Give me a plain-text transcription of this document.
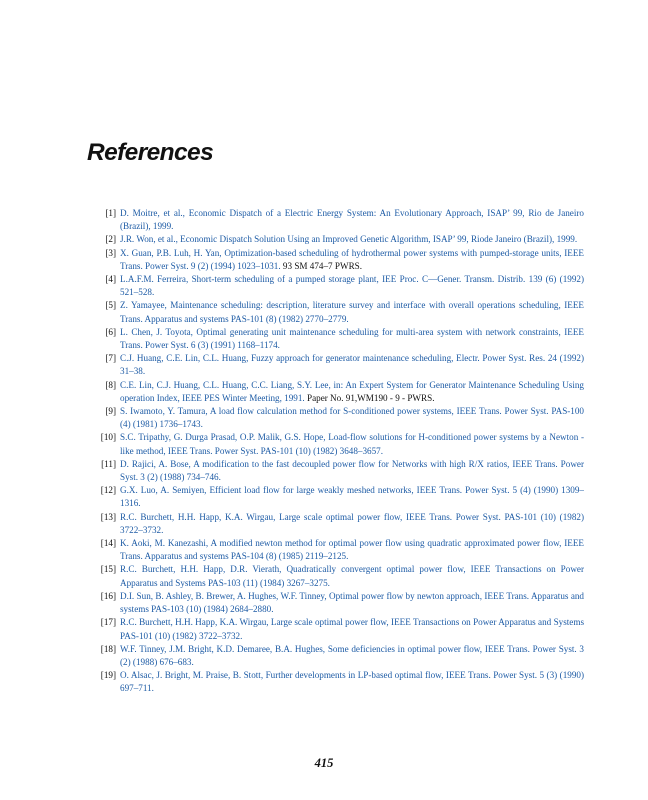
References
[1] D. Moitre, et al., Economic Dispatch of a Electric Energy System: An Evolutionary Approach, ISAP’ 99, Rio de Janeiro (Brazil), 1999.
[2] J.R. Won, et al., Economic Dispatch Solution Using an Improved Genetic Algorithm, ISAP’ 99, Riode Janeiro (Brazil), 1999.
[3] X. Guan, P.B. Luh, H. Yan, Optimization-based scheduling of hydrothermal power systems with pumped-storage units, IEEE Trans. Power Syst. 9 (2) (1994) 1023–1031. 93 SM 474–7 PWRS.
[4] L.A.F.M. Ferreira, Short-term scheduling of a pumped storage plant, IEE Proc. C—Gener. Transm. Distrib. 139 (6) (1992) 521–528.
[5] Z. Yamayee, Maintenance scheduling: description, literature survey and interface with overall operations scheduling, IEEE Trans. Apparatus and systems PAS-101 (8) (1982) 2770–2779.
[6] L. Chen, J. Toyota, Optimal generating unit maintenance scheduling for multi-area system with network constraints, IEEE Trans. Power Syst. 6 (3) (1991) 1168–1174.
[7] C.J. Huang, C.E. Lin, C.L. Huang, Fuzzy approach for generator maintenance scheduling, Electr. Power Syst. Res. 24 (1992) 31–38.
[8] C.E. Lin, C.J. Huang, C.L. Huang, C.C. Liang, S.Y. Lee, in: An Expert System for Generator Maintenance Scheduling Using operation Index, IEEE PES Winter Meeting, 1991. Paper No. 91,WM190 - 9 - PWRS.
[9] S. Iwamoto, Y. Tamura, A load flow calculation method for S-conditioned power systems, IEEE Trans. Power Syst. PAS-100 (4) (1981) 1736–1743.
[10] S.C. Tripathy, G. Durga Prasad, O.P. Malik, G.S. Hope, Load-flow solutions for H-conditioned power systems by a Newton - like method, IEEE Trans. Power Syst. PAS-101 (10) (1982) 3648–3657.
[11] D. Rajici, A. Bose, A modification to the fast decoupled power flow for Networks with high R/X ratios, IEEE Trans. Power Syst. 3 (2) (1988) 734–746.
[12] G.X. Luo, A. Semiyen, Efficient load flow for large weakly meshed networks, IEEE Trans. Power Syst. 5 (4) (1990) 1309–1316.
[13] R.C. Burchett, H.H. Happ, K.A. Wirgau, Large scale optimal power flow, IEEE Trans. Power Syst. PAS-101 (10) (1982) 3722–3732.
[14] K. Aoki, M. Kanezashi, A modified newton method for optimal power flow using quadratic approximated power flow, IEEE Trans. Apparatus and systems PAS-104 (8) (1985) 2119–2125.
[15] R.C. Burchett, H.H. Happ, D.R. Vierath, Quadratically convergent optimal power flow, IEEE Transactions on Power Apparatus and Systems PAS-103 (11) (1984) 3267–3275.
[16] D.I. Sun, B. Ashley, B. Brewer, A. Hughes, W.F. Tinney, Optimal power flow by newton approach, IEEE Trans. Apparatus and systems PAS-103 (10) (1984) 2684–2880.
[17] R.C. Burchett, H.H. Happ, K.A. Wirgau, Large scale optimal power flow, IEEE Transactions on Power Apparatus and Systems PAS-101 (10) (1982) 3722–3732.
[18] W.F. Tinney, J.M. Bright, K.D. Demaree, B.A. Hughes, Some deficiencies in optimal power flow, IEEE Trans. Power Syst. 3 (2) (1988) 676–683.
[19] O. Alsac, J. Bright, M. Praise, B. Stott, Further developments in LP-based optimal flow, IEEE Trans. Power Syst. 5 (3) (1990) 697–711.
415
